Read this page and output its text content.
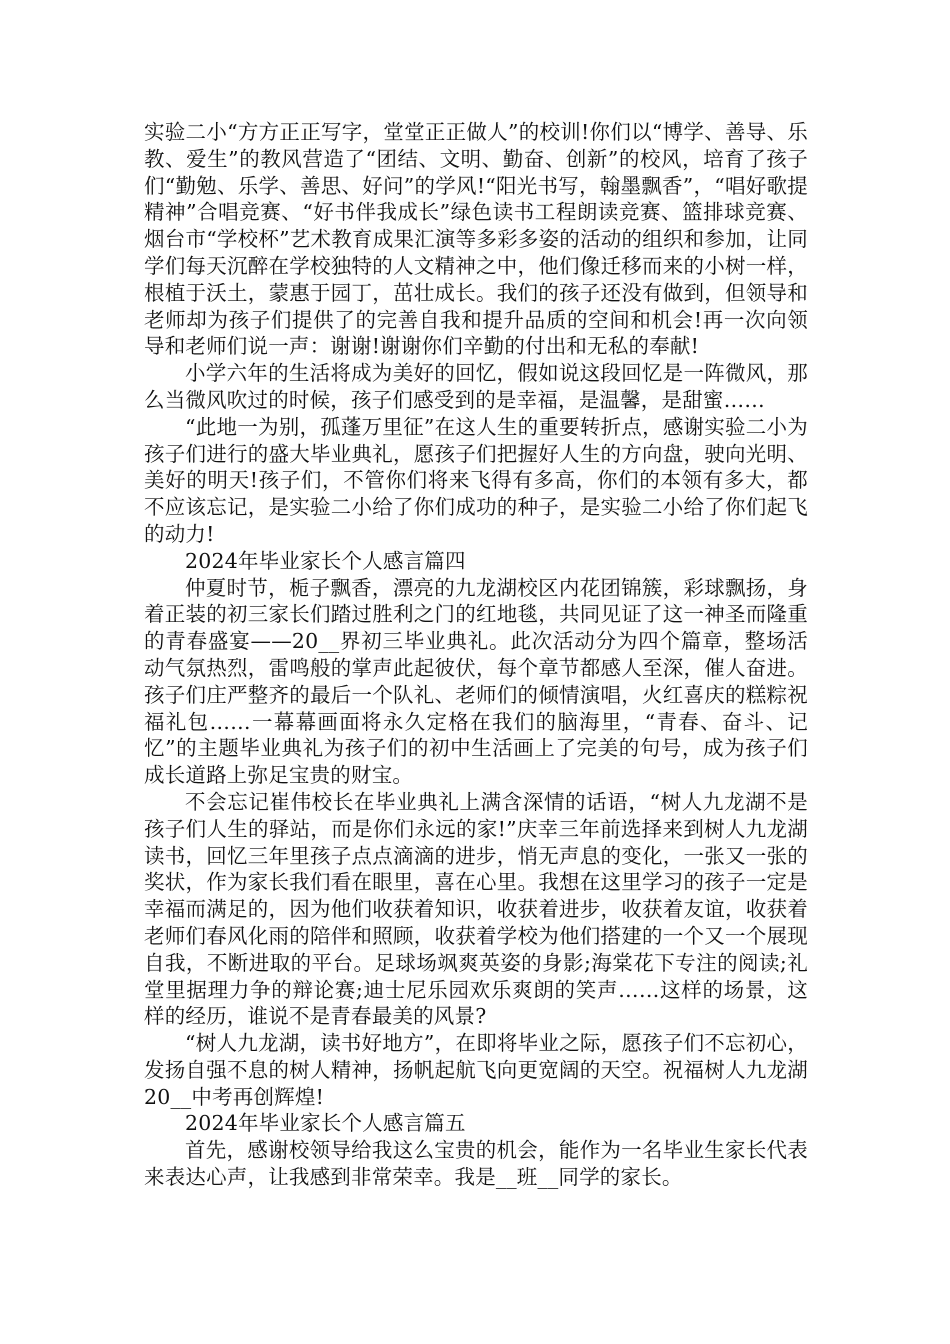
实验二小“方方正正写字，堂堂正正做人”的校训!你们以“博学、善导、乐教、爱生”的教风营造了“团结、文明、勤奋、创新”的校风，培育了孩子们“勤勉、乐学、善思、好问”的学风!“阳光书写，翰墨飘香”，“唱好歌提精神”合唱竞赛、“好书伴我成长”绿色读书工程朗读竞赛、篮排球竞赛、烟台市“学校杯”艺术教育成果汇演等多彩多姿的活动的组织和参加，让同学们每天沉醉在学校独特的人文精神之中，他们像迁移而来的小树一样，根植于沃土，蒙惠于园丁，茁壮成长。我们的孩子还没有做到，但领导和老师却为孩子们提供了的完善自我和提升品质的空间和机会!再一次向领导和老师们说一声：谢谢!谢谢你们辛勤的付出和无私的奉献!

小学六年的生活将成为美好的回忆，假如说这段回忆是一阵微风，那么当微风吹过的时候，孩子们感受到的是幸福，是温馨，是甜蜜……

“此地一为别，孤蓬万里征”在这人生的重要转折点，感谢实验二小为孩子们进行的盛大毕业典礼，愿孩子们把握好人生的方向盘，驶向光明、美好的明天!孩子们，不管你们将来飞得有多高，你们的本领有多大，都不应该忘记，是实验二小给了你们成功的种子，是实验二小给了你们起飞的动力!

2024年毕业家长个人感言篇四

仲夏时节，栀子飘香，漂亮的九龙湖校区内花团锦簇，彩球飘扬，身着正装的初三家长们踏过胜利之门的红地毯，共同见证了这一神圣而隆重的青春盛宴——20__界初三毕业典礼。此次活动分为四个篇章，整场活动气氛热烈，雷鸣般的掌声此起彼伏，每个章节都感人至深，催人奋进。孩子们庄严整齐的最后一个队礼、老师们的倾情演唱，火红喜庆的糕粽祝福礼包……一幕幕画面将永久定格在我们的脑海里，“青春、奋斗、记忆”的主题毕业典礼为孩子们的初中生活画上了完美的句号，成为孩子们成长道路上弥足宝贵的财宝。

不会忘记崔伟校长在毕业典礼上满含深情的话语，“树人九龙湖不是孩子们人生的驿站，而是你们永远的家!”庆幸三年前选择来到树人九龙湖读书，回忆三年里孩子点点滴滴的进步，悄无声息的变化，一张又一张的奖状，作为家长我们看在眼里，喜在心里。我想在这里学习的孩子一定是幸福而满足的，因为他们收获着知识，收获着进步，收获着友谊，收获着老师们春风化雨的陪伴和照顾，收获着学校为他们搭建的一个又一个展现自我，不断进取的平台。足球场飒爽英姿的身影;海棠花下专注的阅读;礼堂里据理力争的辩论赛;迪士尼乐园欢乐爽朗的笑声……这样的场景，这样的经历，谁说不是青春最美的风景?

“树人九龙湖，读书好地方”，在即将毕业之际，愿孩子们不忘初心，发扬自强不息的树人精神，扬帆起航飞向更宽阔的天空。祝福树人九龙湖 20__中考再创辉煌!

2024年毕业家长个人感言篇五

首先，感谢校领导给我这么宝贵的机会，能作为一名毕业生家长代表来表达心声，让我感到非常荣幸。我是__班__同学的家长。
